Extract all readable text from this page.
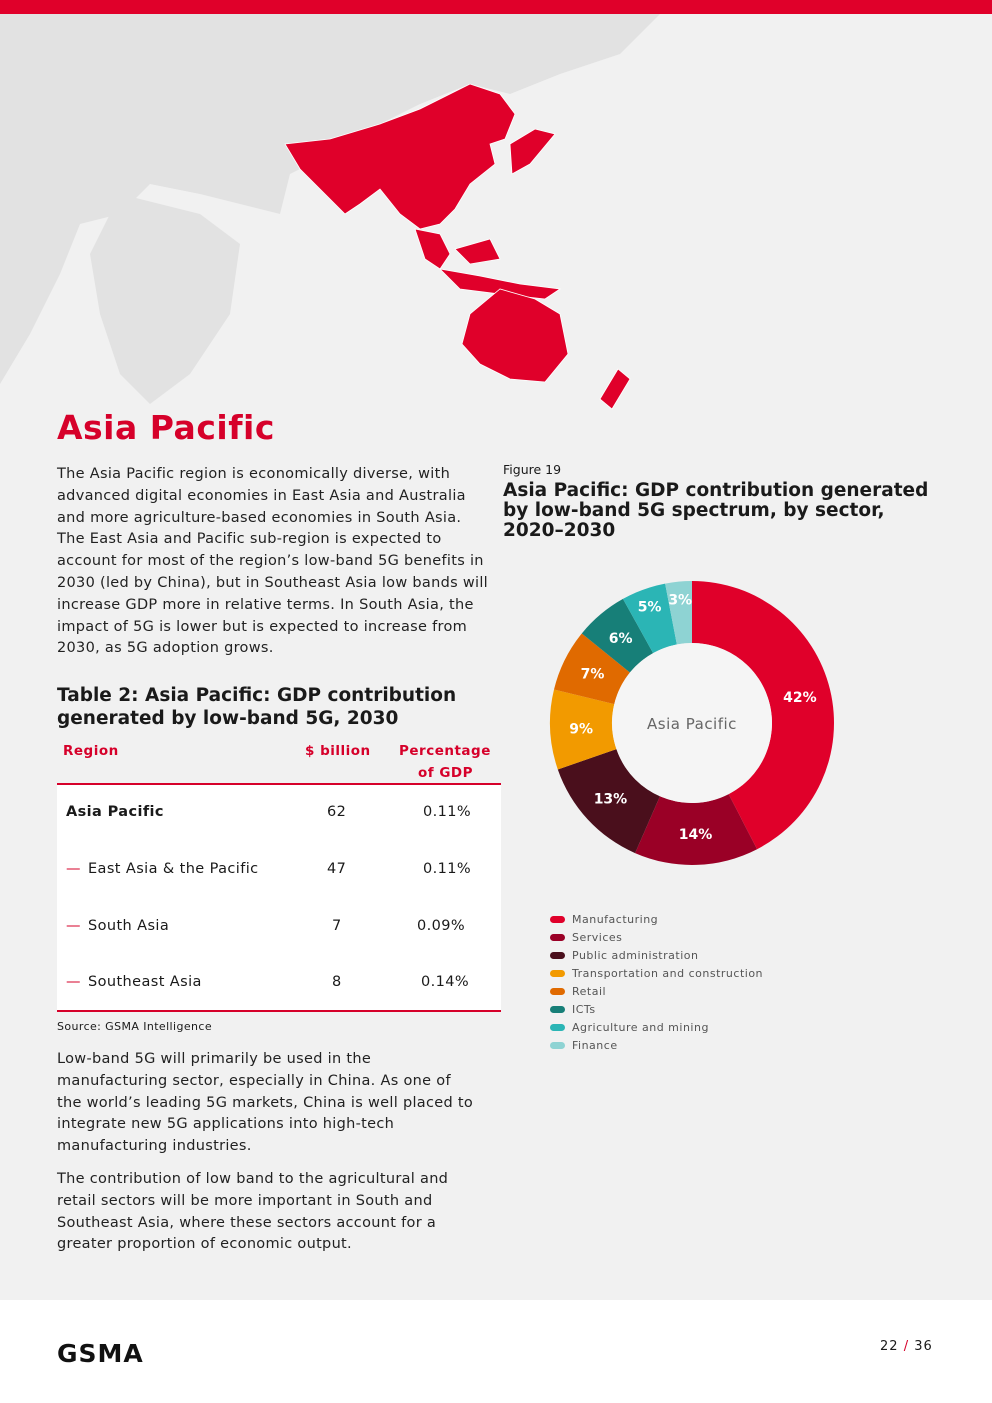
Asia Pacific

The Asia Pacific region is economically diverse, with advanced digital economies in East Asia and Australia and more agriculture-based economies in South Asia. The East Asia and Pacific sub-region is expected to account for most of the region’s low-band 5G benefits in 2030 (led by China), but in Southeast Asia low bands will increase GDP more in relative terms. In South Asia, the impact of 5G is lower but is expected to increase from 2030, as 5G adoption grows.

Table 2: Asia Pacific: GDP contribution generated by low-band 5G, 2030
Region	$ billion Percentage
of GDP
Asia Pacific	62	0.11%
— East Asia & the Pacific	47	0.11%
— South Asia	7	0.09%
— Southeast Asia	8	0.14%
Source: GSMA Intelligence

Low-band 5G will primarily be used in the manufacturing sector, especially in China. As one of the world’s leading 5G markets, China is well placed to integrate new 5G applications into high-tech manufacturing industries.

The contribution of low band to the agricultural and retail sectors will be more important in South and Southeast Asia, where these sectors account for a greater proportion of economic output.

Figure 19
Asia Pacific: GDP contribution generated by low-band 5G spectrum, by sector, 2020–2030
Asia Pacific
42%
14%
13%
9%
7%
6%
5% 3%
Manufacturing
Services
Public administration
Transportation and construction
Retail
ICTs
Agriculture and mining
Finance
GSMA	22 / 36
